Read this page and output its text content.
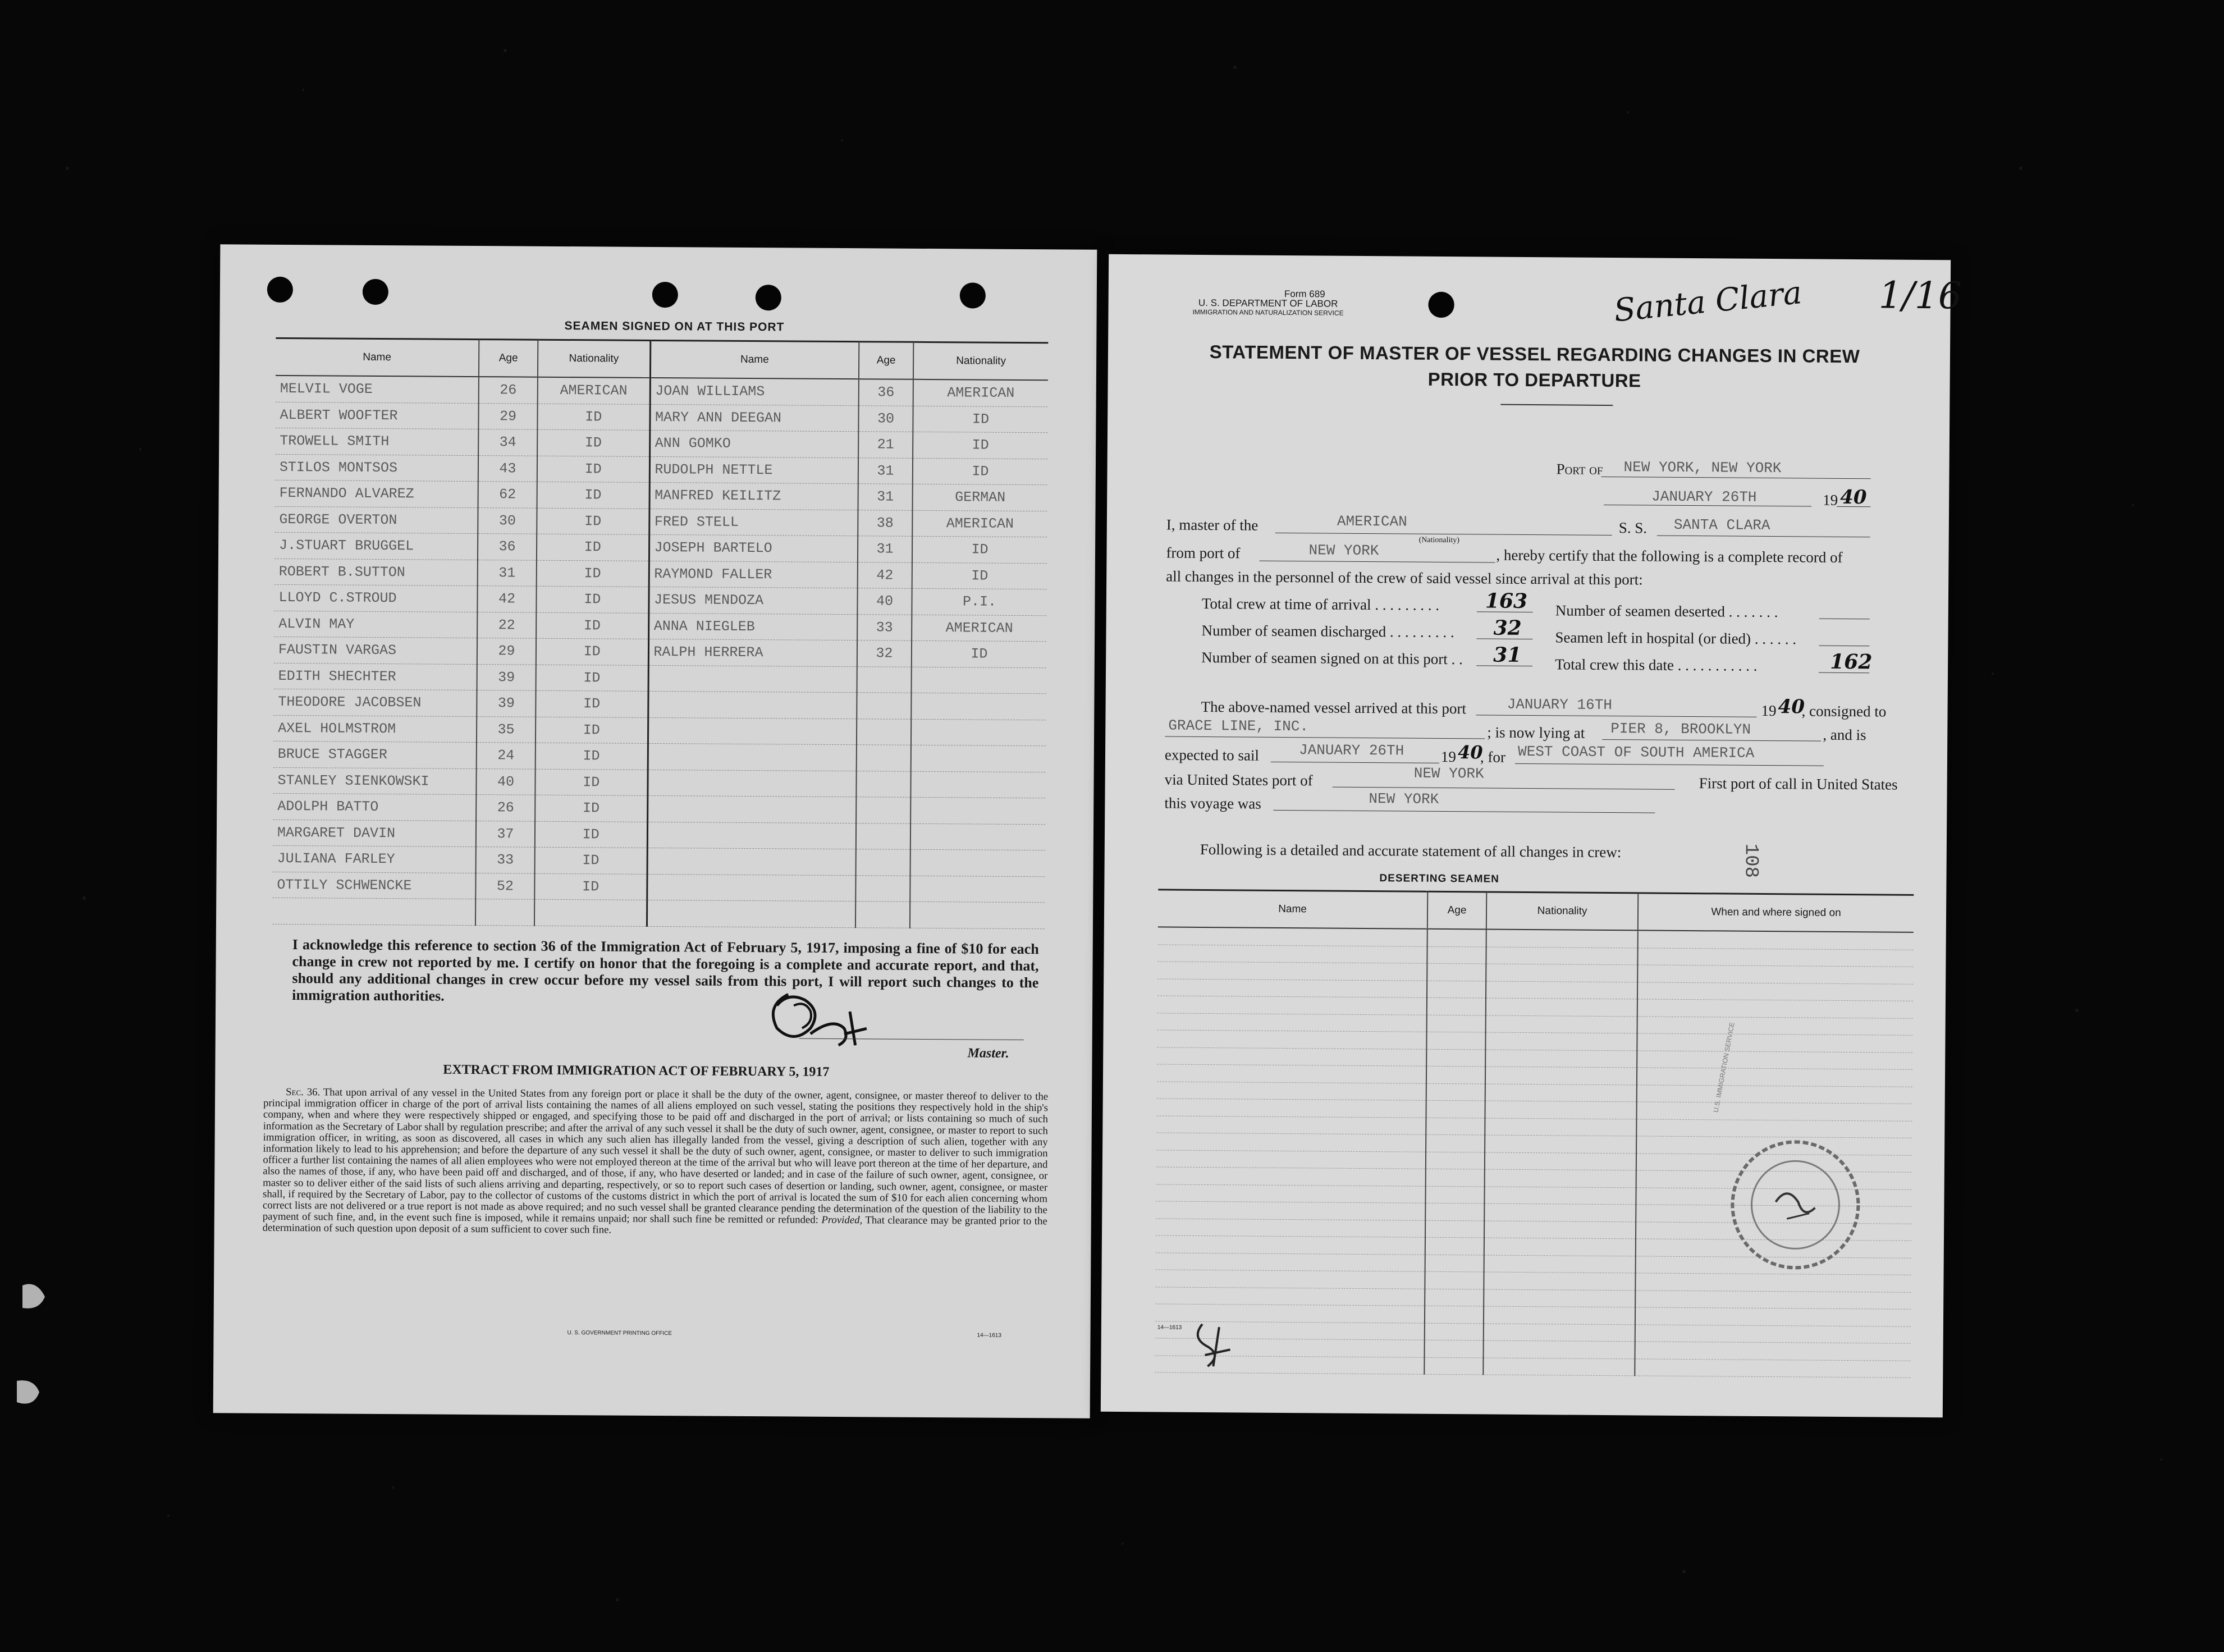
SEAMEN SIGNED ON AT THIS PORT
Name	Age	Nationality	Name	Age	Nationality
MELVIL VOGE	26	AMERICAN	JOAN WILLIAMS	36	AMERICAN
ALBERT WOOFTER	29	ID	MARY ANN DEEGAN	30	ID
TROWELL SMITH	34	ID	ANN GOMKO	21	ID
STILOS MONTSOS	43	ID	RUDOLPH NETTLE	31	ID
FERNANDO ALVAREZ	62	ID	MANFRED KEILITZ	31	GERMAN
GEORGE OVERTON	30	ID	FRED STELL	38	AMERICAN
J.STUART BRUGGEL	36	ID	JOSEPH BARTELO	31	ID
ROBERT B.SUTTON	31	ID	RAYMOND FALLER	42	ID
LLOYD C.STROUD	42	ID	JESUS MENDOZA	40	P.I.
ALVIN MAY	22	ID	ANNA NIEGLEB	33	AMERICAN
FAUSTIN VARGAS	29	ID	RALPH HERRERA	32	ID
EDITH SHECHTER	39	ID			
THEODORE JACOBSEN	39	ID			
AXEL HOLMSTROM	35	ID			
BRUCE STAGGER	24	ID			
STANLEY SIENKOWSKI	40	ID			
ADOLPH BATTO	26	ID			
MARGARET DAVIN	37	ID			
JULIANA FARLEY	33	ID			
OTTILY SCHWENCKE	52	ID			

I acknowledge this reference to section 36 of the Immigration Act of February 5, 1917, imposing a fine of $10 for each change in crew not reported by me. I certify on honor that the foregoing is a complete and accurate report, and that, should any additional changes in crew occur before my vessel sails from this port, I will report such changes to the immigration authorities.
Master.
EXTRACT FROM IMMIGRATION ACT OF FEBRUARY 5, 1917
Sec. 36. That upon arrival of any vessel in the United States from any foreign port or place it shall be the duty of the owner, agent, consignee, or master thereof to deliver to the principal immigration officer in charge of the port of arrival lists containing the names of all aliens employed on such vessel, stating the positions they respectively hold in the ship's company, when and where they were respectively shipped or engaged, and specifying those to be paid off and discharged in the port of arrival; or lists containing so much of such information as the Secretary of Labor shall by regulation prescribe; and after the arrival of any such vessel it shall be the duty of such owner, agent, consignee, or master to report to such immigration officer, in writing, as soon as discovered, all cases in which any such alien has illegally landed from the vessel, giving a description of such alien, together with any information likely to lead to his apprehension; and before the departure of any such vessel it shall be the duty of such owner, agent, consignee, or master to deliver to such immigration officer a further list containing the names of all alien employees who were not employed thereon at the time of the arrival but who will leave port thereon at the time of her departure, and also the names of those, if any, who have been paid off and discharged, and of those, if any, who have deserted or landed; and in case of the failure of such owner, agent, consignee, or master so to deliver either of the said lists of such aliens arriving and departing, respectively, or so to report such cases of desertion or landing, such owner, agent, consignee, or master shall, if required by the Secretary of Labor, pay to the collector of customs of the customs district in which the port of arrival is located the sum of $10 for each alien concerning whom correct lists are not delivered or a true report is not made as above required; and no such vessel shall be granted clearance pending the determination of the question of the liability to the payment of such fine, and, in the event such fine is imposed, while it remains unpaid; nor shall such fine be remitted or refunded: Provided, That clearance may be granted prior to the determination of such question upon deposit of a sum sufficient to cover such fine.
U. S. GOVERNMENT PRINTING OFFICE	14—1613
Form 689
U. S. DEPARTMENT OF LABOR
IMMIGRATION AND NATURALIZATION SERVICE	Santa Clara 1/16
STATEMENT OF MASTER OF VESSEL REGARDING CHANGES IN CREW
PRIOR TO DEPARTURE
Port of NEW YORK, NEW YORK
JANUARY 26TH	19 40
I, master of the	AMERICAN
(Nationality)
S. S. SANTA CLARA
from port of	NEW YORK	, hereby certify that the following is a complete record of
all changes in the personnel of the crew of said vessel since arrival at this port:
Total crew at time of arrival . . . . . . . . . 163
Number of seamen discharged . . . . . . . . . 32
Number of seamen signed on at this port . . 31
Number of seamen deserted . . . . . . .
Seamen left in hospital (or died) . . . . . .
Total crew this date . . . . . . . . . . .	162
The above-named vessel arrived at this port	JANUARY 16TH	19 40
, consigned to
GRACE LINE, INC.	; is now lying at PIER 8, BROOKLYN	, and is
expected to sail	JANUARY 26TH 19 40
, for WEST COAST OF SOUTH AMERICA
via United States port of	NEW YORK
First port of call in United States
this voyage was	NEW YORK
Following is a detailed and accurate statement of all changes in crew:	108
DESERTING SEAMEN
Name	Age	Nationality	When and where signed on

U.S. IMMIGRATION SERVICE
14—1613
